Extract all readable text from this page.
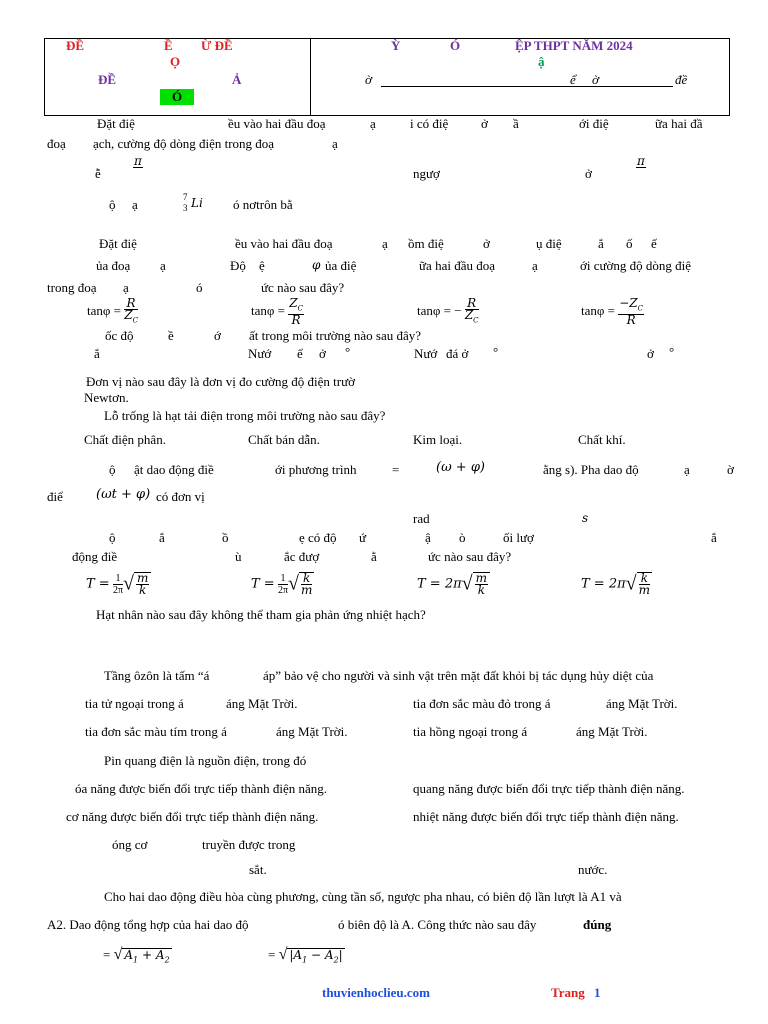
ĐỀ	Ề Ừ ĐỀ
Ọ
ĐỀ	Ả
Ó
Ỳ	Ó	ỆP THPT NĂM 2024
ậ
ờ	ể ờ	đề
Đặt điệ	ều vào hai đầu đoạ	ạ	i có điệ	ở ầ	ới điệ	ữa hai đầ
đoạ ạch, cường độ dòng điện trong đoạ	ạ
ễ
π

ngượ	ở
π

ộ ạ	7
3 Li ó nơtrôn bằ
Đặt điệ	ều vào hai đầu đoạ	ạ ồm điệ	ở	ụ điệ	ắ ố ế
ủa đoạ ạ	Độ ệ	φ ủa điệ	ữa hai đầu đoạ	ạ	ới cường độ dòng điệ
trong đoạ ạ	ó	ức nào sau đây?
$\tan\varphi = \frac{R}{Z_C}$	$\tan\varphi = \frac{Z_C}{R}$	tanφ = − $\frac{R}{Z_C}$	$\tan\varphi = \frac{-Z_C}{R}$
ốc độ	ề	ớ ất trong môi trường nào sau đây?
ắ	Nướ ể ở °	Nướ đá ở °	ở °
Đơn vị nào sau đây là đơn vị đo cường độ điện trườ
Newtơn.
Lỗ trống là hạt tải điện trong môi trường nào sau đây?
Chất điện phân.	Chất bán dẫn.	Kim loại.	Chất khí.
ộ ật dao động điề	ới phương trình	=	(ω + φ)	ằng s). Pha dao độ	ạ	ờ
điể	(ωt + φ) có đơn vị
rad	s
ộ	ắ	ồ	ẹ có độ ứ	ậ ò	ối lượ	ắ
động điề	ù	ắc đượ	ằ	ức nào sau đây?
$T = \frac{1}{2\pi}$ √ $\frac{m}{k}$	$T = \frac{1}{2\pi}$ √ $\frac{k}{m}$	$T = 2\pi√ \frac{m}{k}$	$T = 2\pi√ \frac{k}{m}$
Hạt nhân nào sau đây không thể tham gia phản ứng nhiệt hạch?
Tầng ôzôn là tấm “á	áp” bảo vệ cho người và sinh vật trên mặt đất khỏi bị tác dụng hủy diệt của
tia tử ngoại trong á	áng Mặt Trời.	tia đơn sắc màu đỏ trong á	áng Mặt Trời.
tia đơn sắc màu tím trong á	áng Mặt Trời.	tia hồng ngoại trong á	áng Mặt Trời.
Pin quang điện là nguồn điện, trong đó
óa năng được biến đổi trực tiếp thành điện năng.	quang năng được biến đổi trực tiếp thành điện năng.
cơ năng được biến đổi trực tiếp thành điện năng.	nhiệt năng được biến đổi trực tiếp thành điện năng.
óng cơ	truyền được trong
sắt.	nước.
Cho hai dao động điều hòa cùng phương, cùng tần số, ngược pha nhau, có biên độ lần lượt là A1 và
A2. Dao động tổng hợp của hai dao độ	ó biên độ là A. Công thức nào sau đây	đúng
= √ $A_1 + A_2$	= √ $|A_1 - A_2|$
thuvienhoclieu.com	Trang 1
